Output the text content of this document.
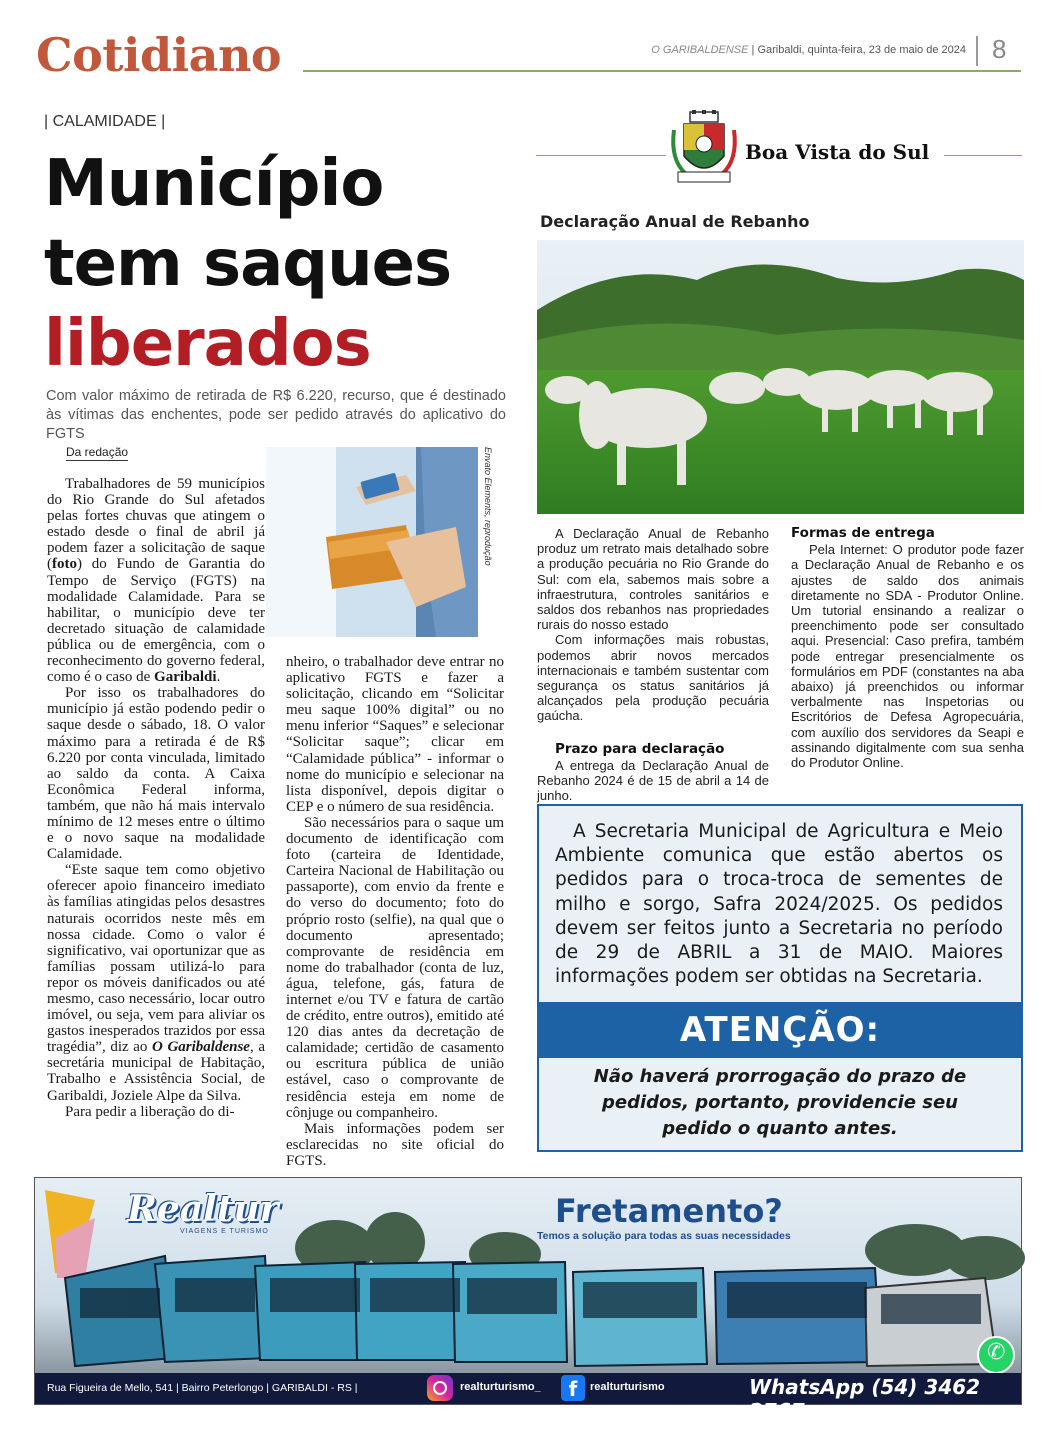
Cotidiano	O GARIBALDENSE | Garibaldi, quinta-feira, 23 de maio de 2024 8
| CALAMIDADE |
Município
tem saques
liberados

Com valor máximo de retirada de R$ 6.220, recurso, que é destinado às vítimas das enchentes, pode ser pedido através do aplicativo do FGTS

Da redação	Envato Elements, reprodução

Trabalhadores de 59 municípios do Rio Grande do Sul afetados pelas fortes chuvas que atingem o estado desde o final de abril já podem fazer a solicitação de saque (foto) do Fundo de Garantia do Tempo de Serviço (FGTS) na modalidade Calamidade. Para se habilitar, o município deve ter decretado situação de calamidade pública ou de emergência, com o reconhecimento do governo federal, como é o caso de Garibaldi.

Por isso os trabalhadores do município já estão podendo pedir o saque desde o sábado, 18. O valor máximo para a retirada é de R$ 6.220 por conta vinculada, limitado ao saldo da conta. A Caixa Econômica Federal informa, também, que não há mais intervalo mínimo de 12 meses entre o último e o novo saque na modalidade Calamidade.

“Este saque tem como objetivo oferecer apoio financeiro imediato às famílias atingidas pelos desastres naturais ocorridos neste mês em nossa cidade. Como o valor é significativo, vai oportunizar que as famílias possam utilizá-lo para repor os móveis danificados ou até mesmo, caso necessário, locar outro imóvel, ou seja, vem para aliviar os gastos inesperados trazidos por essa tragédia”, diz ao O Garibaldense, a secretária municipal de Habitação, Trabalho e Assistência Social, de Garibaldi, Joziele Alpe da Silva.

Para pedir a liberação do di-

nheiro, o trabalhador deve entrar no aplicativo FGTS e fazer a solicitação, clicando em “Solicitar meu saque 100% digital” ou no menu inferior “Saques” e selecionar “Solicitar saque”; clicar em “Calamidade pública” - informar o nome do município e selecionar na lista disponível, depois digitar o CEP e o número de sua residência.

São necessários para o saque um documento de identificação com foto (carteira de Identidade, Carteira Nacional de Habilitação ou passaporte), com envio da frente e do verso do documento; foto do próprio rosto (selfie), na qual que o documento apresentado; comprovante de residência em nome do trabalhador (conta de luz, água, telefone, gás, fatura de internet e/ou TV e fatura de cartão de crédito, entre outros), emitido até 120 dias antes da decretação de calamidade; certidão de casamento ou escritura pública de união estável, caso o comprovante de residência esteja em nome de cônjuge ou companheiro.

Mais informações podem ser esclarecidas no site oficial do FGTS.

Boa Vista do Sul
Declaração Anual de Rebanho

A Declaração Anual de Rebanho produz um retrato mais detalhado sobre a produção pecuária no Rio Grande do Sul: com ela, sabemos mais sobre a infraestrutura, controles sanitários e saldos dos rebanhos nas propriedades rurais do nosso estado

Com informações mais robustas, podemos abrir novos mercados internacionais e também sustentar com segurança os status sanitários já alcançados pela produção pecuária gaúcha.

Prazo para declaração

A entrega da Declaração Anual de Rebanho 2024 é de 15 de abril a 14 de junho.

Formas de entrega

Pela Internet: O produtor pode fazer a Declaração Anual de Rebanho e os ajustes de saldo dos animais diretamente no SDA - Produtor Online. Um tutorial ensinando a realizar o preenchimento pode ser consultado aqui. Presencial: Caso prefira, também pode entregar presencialmente os formulários em PDF (constantes na aba abaixo) já preenchidos ou informar verbalmente nas Inspetorias ou Escritórios de Defesa Agropecuária, com auxílio dos servidores da Seapi e assinando digitalmente com sua senha do Produtor Online.

A Secretaria Municipal de Agricultura e Meio Ambiente comunica que estão abertos os pedidos para o troca-troca de sementes de milho e sorgo, Safra 2024/2025. Os pedidos devem ser feitos junto a Secretaria no período de 29 de ABRIL a 31 de MAIO. Maiores informações podem ser obtidas na Secretaria.

ATENÇÃO:

Não haverá prorrogação do prazo de pedidos, portanto, providencie seu pedido o quanto antes.

Realtur
VIAGENS E TURISMO
Fretamento?
Temos a solução para todas as suas necessidades
✆
Rua Figueira de Mello, 541 | Bairro Peterlongo | GARIBALDI - RS |	realturturismo_	f	realturturismo	WhatsApp (54) 3462 2767
